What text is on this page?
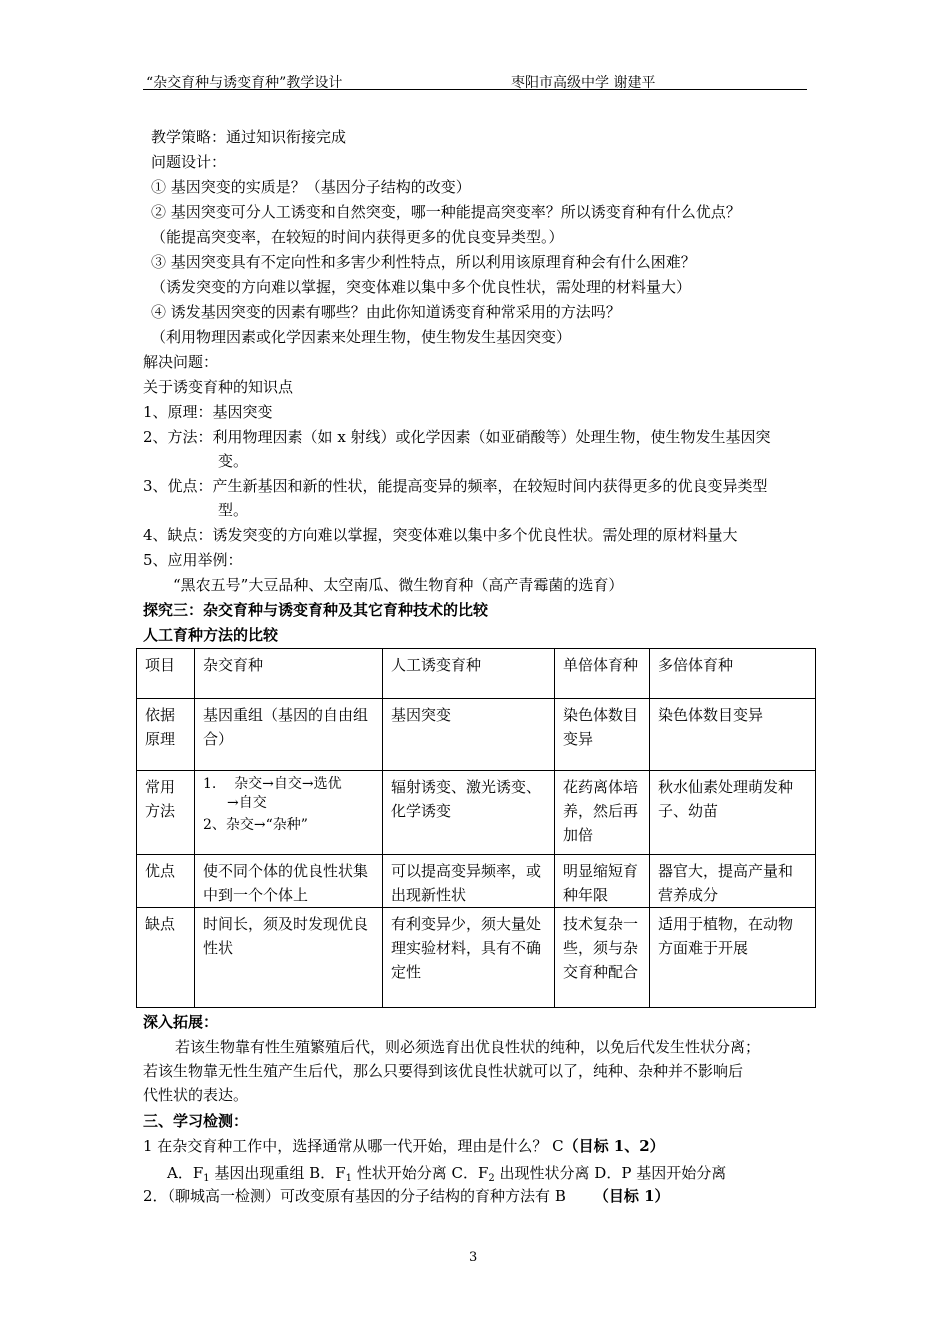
“杂交育种与诱变育种”教学设计	枣阳市高级中学 谢建平
教学策略：通过知识衔接完成
问题设计：
① 基因突变的实质是？（基因分子结构的改变）
② 基因突变可分人工诱变和自然突变，哪一种能提高突变率？所以诱变育种有什么优点？
（能提高突变率，在较短的时间内获得更多的优良变异类型。）
③ 基因突变具有不定向性和多害少利性特点，所以利用该原理育种会有什么困难？
（诱发突变的方向难以掌握，突变体难以集中多个优良性状，需处理的材料量大）
④ 诱发基因突变的因素有哪些？由此你知道诱变育种常采用的方法吗？
（利用物理因素或化学因素来处理生物，使生物发生基因突变）
解决问题：
关于诱变育种的知识点
1、原理：基因突变
2、方法：利用物理因素（如 x 射线）或化学因素（如亚硝酸等）处理生物，使生物发生基因突
变。
3、优点：产生新基因和新的性状，能提高变异的频率，在较短时间内获得更多的优良变异类型
型。
4、缺点：诱发突变的方向难以掌握，突变体难以集中多个优良性状。需处理的原材料量大
5、应用举例：
“黑农五号”大豆品种、太空南瓜、微生物育种（高产青霉菌的选育）
探究三：杂交育种与诱变育种及其它育种技术的比较
人工育种方法的比较
项目	杂交育种	人工诱变育种	单倍体育种	多倍体育种
依据原理	基因重组（基因的自由组合）	基因突变	染色体数目变异	染色体数目变异
常用方法	1. 杂交→自交→选优
→自交
2、杂交→“杂种”	辐射诱变、激光诱变、化学诱变	花药离体培养，然后再加倍	秋水仙素处理萌发种子、幼苗
优点	使不同个体的优良性状集中到一个个体上	可以提高变异频率，或出现新性状	明显缩短育种年限	器官大，提高产量和营养成分
缺点	时间长，须及时发现优良性状	有利变异少，须大量处理实验材料，具有不确定性	技术复杂一些，须与杂交育种配合	适用于植物，在动物方面难于开展
深入拓展：
若该生物靠有性生殖繁殖后代，则必须选育出优良性状的纯种，以免后代发生性状分离；
若该生物靠无性生殖产生后代，那么只要得到该优良性状就可以了，纯种、杂种并不影响后
代性状的表达。
三、学习检测：
1 在杂交育种工作中，选择通常从哪一代开始，理由是什么？ C（目标 1、2）
A．$F_1$ 基因出现重组 B．$F_1$ 性状开始分离 C．$F_2$ 出现性状分离 D．P 基因开始分离
2．（聊城高一检测）可改变原有基因的分子结构的育种方法有 B （目标 1）
3
